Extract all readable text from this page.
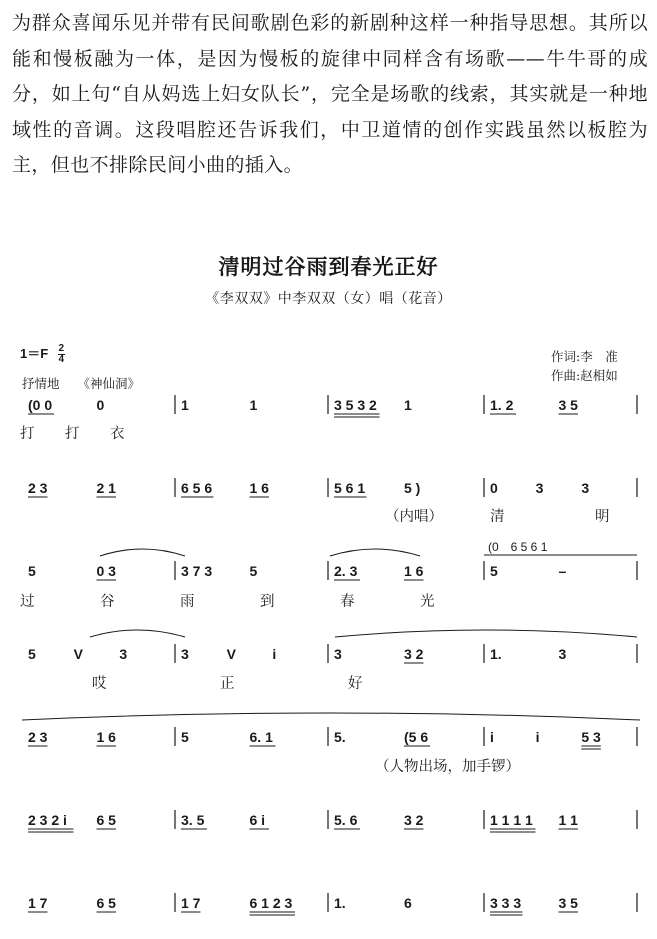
为群众喜闻乐见并带有民间歌剧色彩的新剧种这样一种指导思想。其所以能和慢板融为一体，是因为慢板的旋律中同样含有场歌——牛牛哥的成分，如上句“自从妈选上妇女队长”，完全是场歌的线索，其实就是一种地域性的音调。这段唱腔还告诉我们，中卫道情的创作实践虽然以板腔为主，但也不排除民间小曲的插入。

清明过谷雨到春光正好
《李双双》中李双双（女）唱（花音）
$1=F \frac{2}{4}$
抒情地 《神仙洞》
作词:李　准
作曲:赵相如
(0 0	0	1	1	3 5 3 2 1	1. 2	3 5
打 打 衣
2 3	2 1	6 5 6	1 6	5 6 1	5 )	0	3	3
（内唱）	清	明
5	0 3	3 7 3	5	2. 3	1 6	5	–
(0　6 5 6 1
过	谷	雨	到	春	光
5	V	3	3	V	i	3	3 2	1.	3
哎	正	好
2 3	1 6	5	6. 1	5.	(5 6	i	i	5 3
（人物出场，加手锣）
2 3 2 i 6 5	3. 5	6 i	5. 6	3 2	1 1 1 1 1 1
1 7	6 5	1 7	6 1 2 3	1.	6	3 3 3	3 5
